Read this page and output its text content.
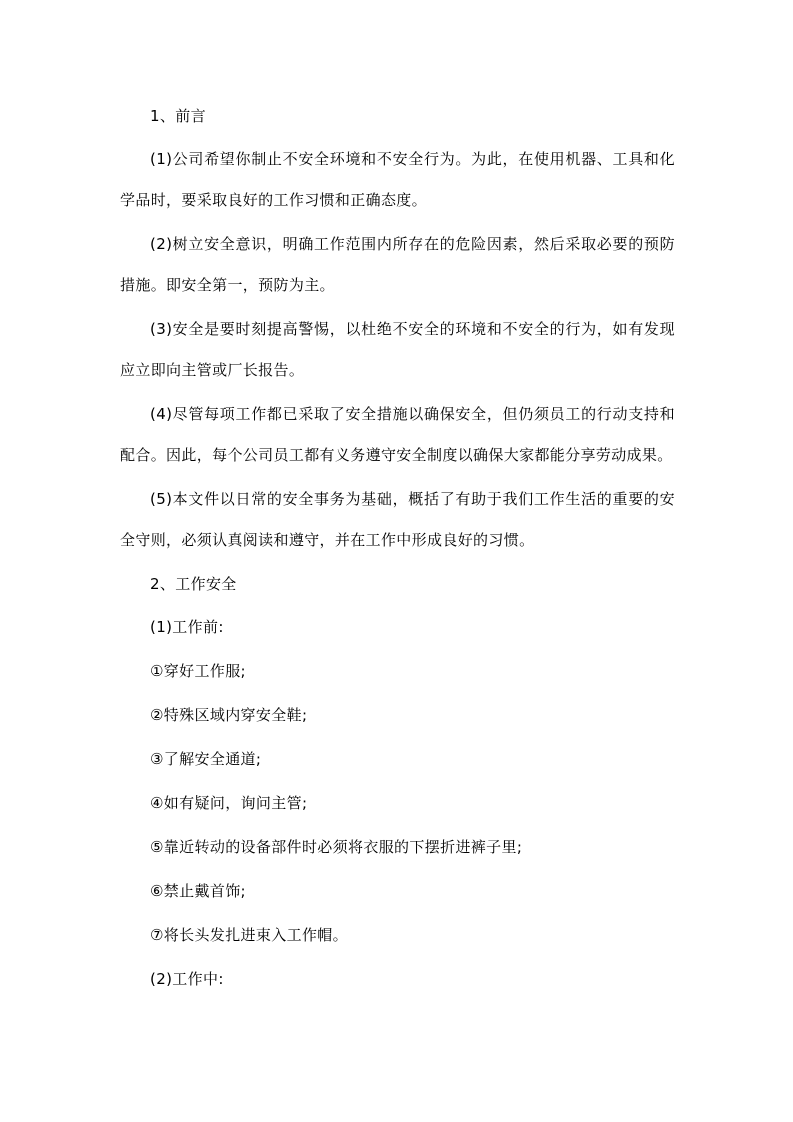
1、前言

(1)公司希望你制止不安全环境和不安全行为。为此，在使用机器、工具和化学品时，要采取良好的工作习惯和正确态度。

(2)树立安全意识，明确工作范围内所存在的危险因素，然后采取必要的预防措施。即安全第一，预防为主。

(3)安全是要时刻提高警惕，以杜绝不安全的环境和不安全的行为，如有发现应立即向主管或厂长报告。

(4)尽管每项工作都已采取了安全措施以确保安全，但仍须员工的行动支持和配合。因此，每个公司员工都有义务遵守安全制度以确保大家都能分享劳动成果。

(5)本文件以日常的安全事务为基础，概括了有助于我们工作生活的重要的安全守则，必须认真阅读和遵守，并在工作中形成良好的习惯。

2、工作安全

(1)工作前:

①穿好工作服;

②特殊区域内穿安全鞋;

③了解安全通道;

④如有疑问，询问主管;

⑤靠近转动的设备部件时必须将衣服的下摆折进裤子里;

⑥禁止戴首饰;

⑦将长头发扎进束入工作帽。

(2)工作中:
